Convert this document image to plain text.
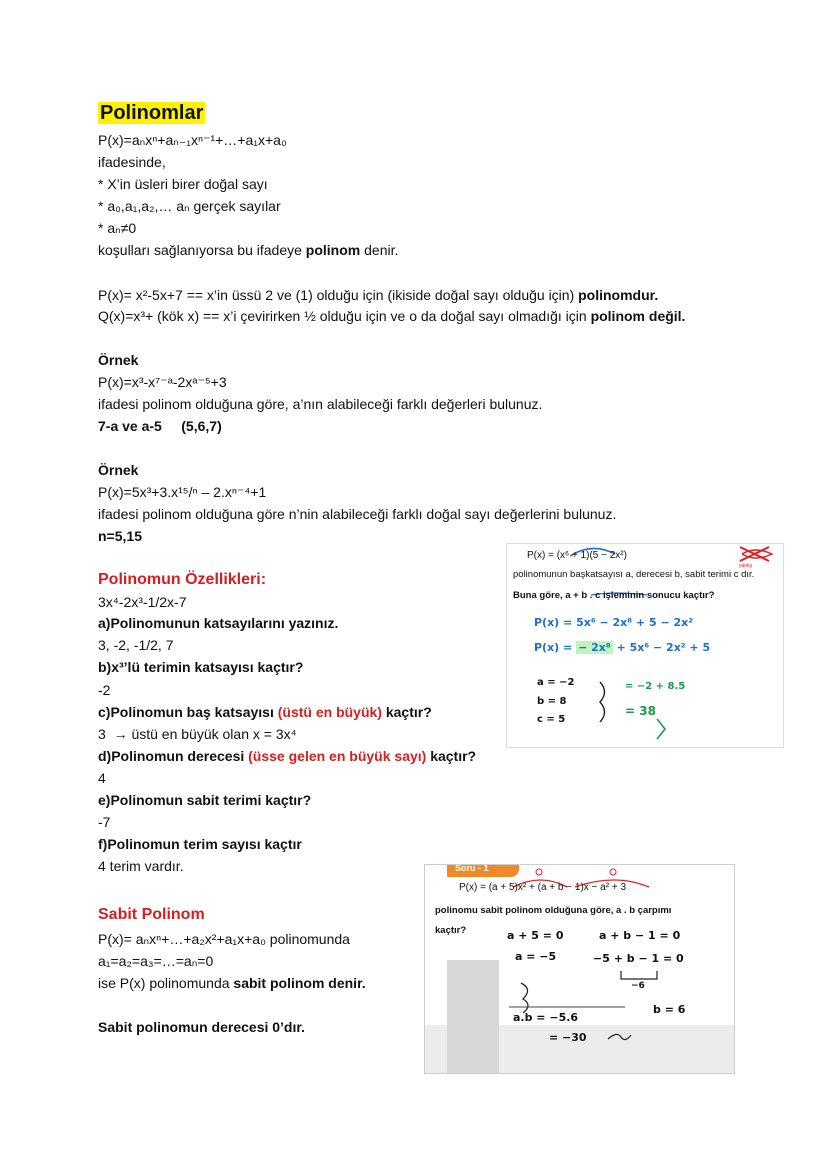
Polinomlar
P(x)=aₙxⁿ+aₙ₋₁xⁿ⁻¹+…+a₁x+a₀
ifadesinde,
* X’in üsleri birer doğal sayı
* a₀,a₁,a₂,… aₙ gerçek sayılar
* aₙ≠0
koşulları sağlanıyorsa bu ifadeye polinom denir.
P(x)= x²-5x+7 == x’in üssü 2 ve (1) olduğu için (ikiside doğal sayı olduğu için) polinomdur.
Q(x)=x³+ (kök x) == x’i çevirirken ½ olduğu için ve o da doğal sayı olmadığı için polinom değil.
Örnek
P(x)=x³-x⁷⁻ᵃ-2xᵃ⁻⁵+3
ifadesi polinom olduğuna göre, a’nın alabileceği farklı değerleri bulunuz.
7-a ve a-5     (5,6,7)
Örnek
P(x)=5x³+3.x¹⁵/ⁿ – 2.xⁿ⁻⁴+1
ifadesi polinom olduğuna göre n’nin alabileceği farklı doğal sayı değerlerini bulunuz.
n=5,15
Polinomun Özellikleri:
3x⁴-2x³-1/2x-7
a)Polinomunun katsayılarını yazınız.
3, -2, -1/2, 7
b)x³’lü terimin katsayısı kaçtır?
-2
c)Polinomun baş katsayısı (üstü en büyük) kaçtır?
3  → üstü en büyük olan x = 3x⁴
d)Polinomun derecesi (üsse gelen en büyük sayı) kaçtır?
4
e)Polinomun sabit terimi kaçtır?
-7
f)Polinomun terim sayısı kaçtır
4 terim vardır.
Sabit Polinom
P(x)= aₙxⁿ+…+a₂x²+a₁x+a₀ polinomunda
a₁=a₂=a₃=…=aₙ=0
ise P(x) polinomunda sabit polinom denir.
Sabit polinomun derecesi 0’dır.
P(x) = (x⁶ + 1)(5 − 2x²)
yanlış
polinomunun başkatsayısı a, derecesi b, sabit terimi c dır.
Buna göre, a + b . c işleminin sonucu kaçtır?
P(x) = 5x⁶ − 2x⁸ + 5 − 2x²
P(x) = − 2x⁸ + 5x⁶ − 2x² + 5
a = −2
b = 8
c = 5
= −2 + 8.5
= 38
Soru - 1
P(x) = (a + 5)x² + (a + b − 1)x − a² + 3
polinomu sabit polinom olduğuna göre, a . b çarpımı
kaçtır?	a + 5 = 0
a = −5
a + b − 1 = 0
−5 + b − 1 = 0
−6
b = 6
a.b = −5.6
= −30
